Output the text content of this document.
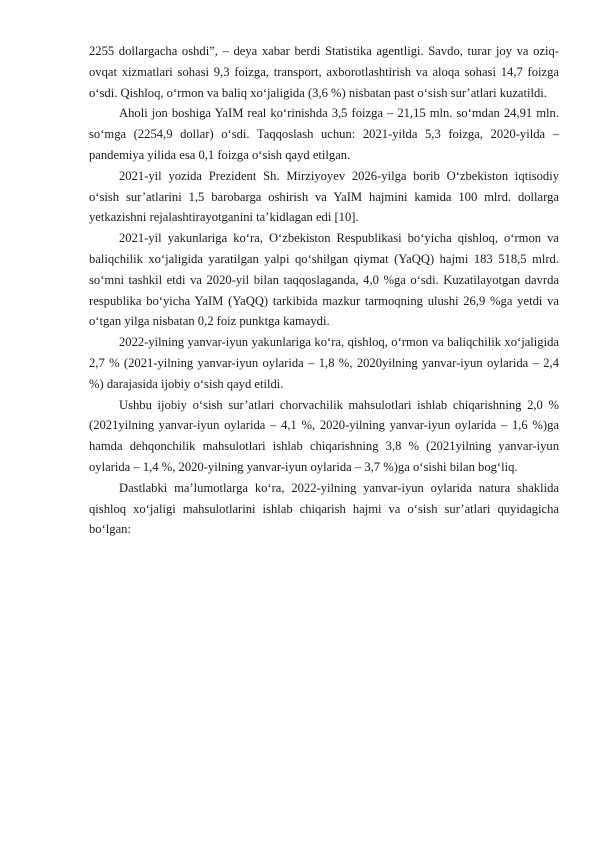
2255 dollargacha oshdi”, – deya xabar berdi Statistika agentligi. Savdo, turar joy va oziq-ovqat xizmatlari sohasi 9,3 foizga, transport, axborotlashtirish va aloqa sohasi 14,7 foizga o‘sdi. Qishloq, o‘rmon va baliq xo‘jaligida (3,6 %) nisbatan past o‘sish sur’atlari kuzatildi.

Aholi jon boshiga YaIM real ko‘rinishda 3,5 foizga – 21,15 mln. so‘mdan 24,91 mln. so‘mga (2254,9 dollar) o‘sdi. Taqqoslash uchun: 2021-yilda 5,3 foizga, 2020-yilda – pandemiya yilida esa 0,1 foizga o‘sish qayd etilgan.

2021-yil yozida Prezident Sh. Mirziyoyev 2026-yilga borib O‘zbekiston iqtisodiy o‘sish sur’atlarini 1,5 barobarga oshirish va YaIM hajmini kamida 100 mlrd. dollarga yetkazishni rejalashtirayotganini ta’kidlagan edi [10].

2021-yil yakunlariga ko‘ra, O‘zbekiston Respublikasi bo‘yicha qishloq, o‘rmon va baliqchilik xo‘jaligida yaratilgan yalpi qo‘shilgan qiymat (YaQQ) hajmi 183 518,5 mlrd. so‘mni tashkil etdi va 2020-yil bilan taqqoslaganda, 4,0 %ga o‘sdi. Kuzatilayotgan davrda respublika bo‘yicha YaIM (YaQQ) tarkibida mazkur tarmoqning ulushi 26,9 %ga yetdi va o‘tgan yilga nisbatan 0,2 foiz punktga kamaydi.

2022-yilning yanvar-iyun yakunlariga ko‘ra, qishloq, o‘rmon va baliqchilik xo‘jaligida 2,7 % (2021-yilning yanvar-iyun oylarida – 1,8 %, 2020yilning yanvar-iyun oylarida – 2,4 %) darajasida ijobiy o‘sish qayd etildi.

Ushbu ijobiy o‘sish sur’atlari chorvachilik mahsulotlari ishlab chiqarishning 2,0 % (2021yilning yanvar-iyun oylarida – 4,1 %, 2020-yilning yanvar-iyun oylarida – 1,6 %)ga hamda dehqonchilik mahsulotlari ishlab chiqarishning 3,8 % (2021yilning yanvar-iyun oylarida – 1,4 %, 2020-yilning yanvar-iyun oylarida – 3,7 %)ga o‘sishi bilan bog‘liq.

Dastlabki ma’lumotlarga ko‘ra, 2022-yilning yanvar-iyun oylarida natura shaklida qishloq xo‘jaligi mahsulotlarini ishlab chiqarish hajmi va o‘sish sur’atlari quyidagicha bo‘lgan:
